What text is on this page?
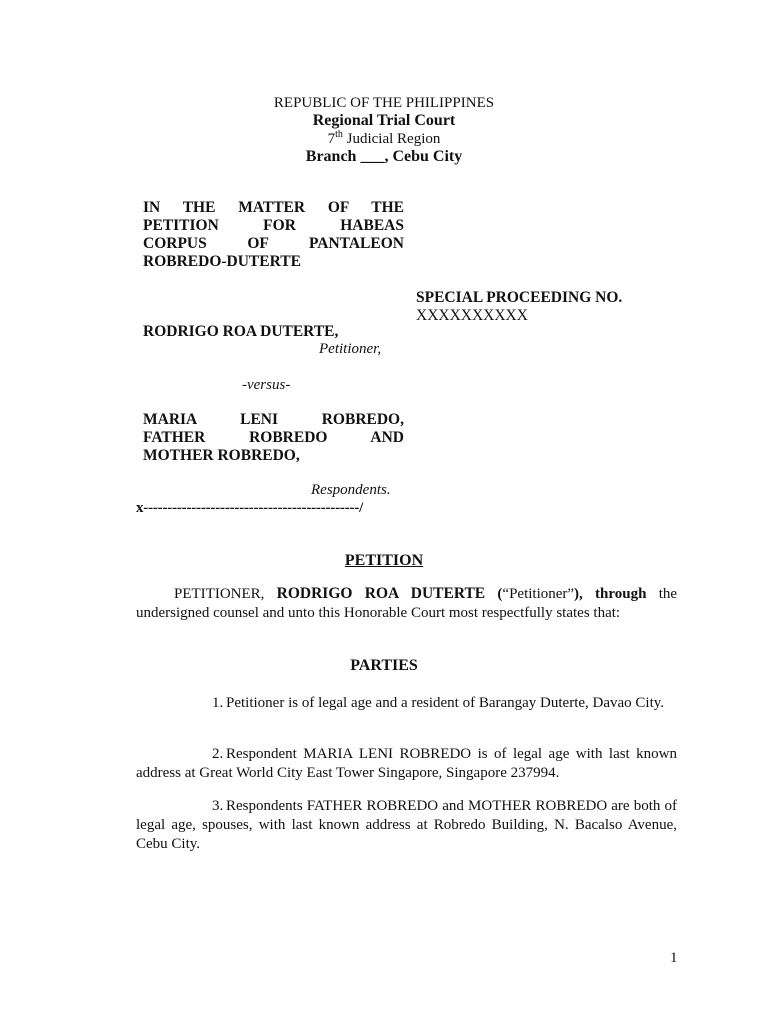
REPUBLIC OF THE PHILIPPINES
Regional Trial Court
7th Judicial Region
Branch ___, Cebu City
IN THE MATTER OF THE
PETITION FOR HABEAS
CORPUS OF PANTALEON
ROBREDO-DUTERTE
SPECIAL PROCEEDING NO.
XXXXXXXXXX
RODRIGO ROA DUTERTE,
Petitioner,
-versus-
MARIA LENI ROBREDO,
FATHER ROBREDO AND
MOTHER ROBREDO,
Respondents.
x---------------------------------------------/
PETITION
PETITIONER, RODRIGO ROA DUTERTE (“Petitioner”), through the undersigned counsel and unto this Honorable Court most respectfully states that:
PARTIES
1. Petitioner is of legal age and a resident of Barangay Duterte, Davao City.
2. Respondent MARIA LENI ROBREDO is of legal age with last known address at Great World City East Tower Singapore, Singapore 237994.
3. Respondents FATHER ROBREDO and MOTHER ROBREDO are both of legal age, spouses, with last known address at Robredo Building, N. Bacalso Avenue, Cebu City.
1
